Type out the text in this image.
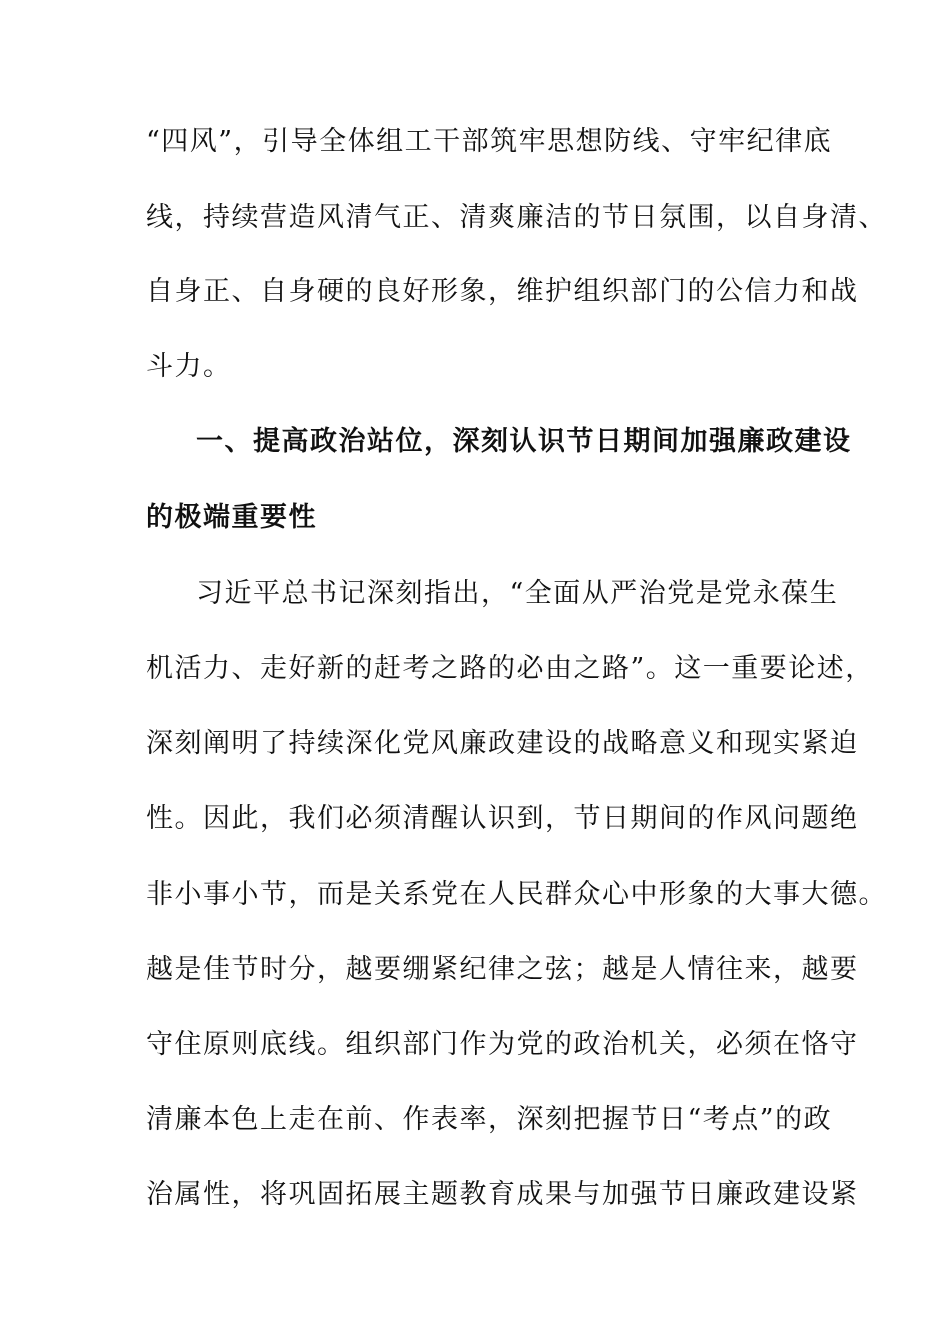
“四风”，引导全体组工干部筑牢思想防线、守牢纪律底
线，持续营造风清气正、清爽廉洁的节日氛围，以自身清、
自身正、自身硬的良好形象，维护组织部门的公信力和战
斗力。
一、提高政治站位，深刻认识节日期间加强廉政建设
的极端重要性
习近平总书记深刻指出，“全面从严治党是党永葆生
机活力、走好新的赶考之路的必由之路”。这一重要论述，
深刻阐明了持续深化党风廉政建设的战略意义和现实紧迫
性。因此，我们必须清醒认识到，节日期间的作风问题绝
非小事小节，而是关系党在人民群众心中形象的大事大德。
越是佳节时分，越要绷紧纪律之弦；越是人情往来，越要
守住原则底线。组织部门作为党的政治机关，必须在恪守
清廉本色上走在前、作表率，深刻把握节日“考点”的政
治属性，将巩固拓展主题教育成果与加强节日廉政建设紧
